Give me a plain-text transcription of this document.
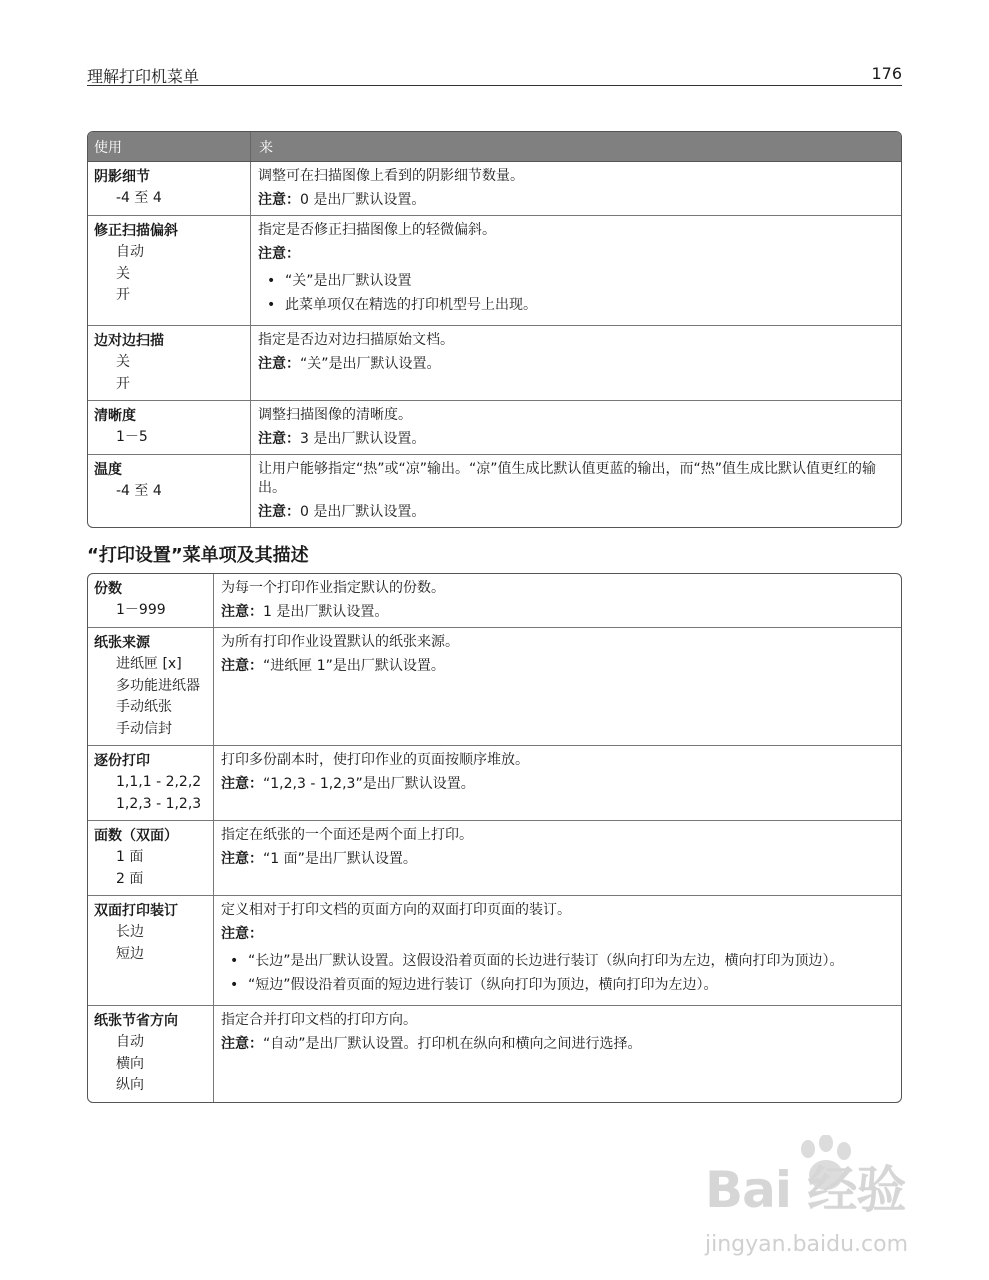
理解打印机菜单	176
使用	来
阴影细节
-4 至 4
调整可在扫描图像上看到的阴影细节数量。
注意：0 是出厂默认设置。
修正扫描偏斜
自动
关
开
指定是否修正扫描图像上的轻微偏斜。
注意：
• “关”是出厂默认设置
• 此菜单项仅在精选的打印机型号上出现。
边对边扫描
关
开
指定是否边对边扫描原始文档。
注意：“关”是出厂默认设置。
清晰度
1－5
调整扫描图像的清晰度。
注意：3 是出厂默认设置。
温度
-4 至 4
让用户能够指定“热”或“凉”输出。“凉”值生成比默认值更蓝的输出，而“热”值生成比默认值更红的输出。
注意：0 是出厂默认设置。
“打印设置”菜单项及其描述
份数
1－999
为每一个打印作业指定默认的份数。
注意：1 是出厂默认设置。
纸张来源
进纸匣 [x]
多功能进纸器
手动纸张
手动信封
为所有打印作业设置默认的纸张来源。
注意：“进纸匣 1”是出厂默认设置。
逐份打印
1,1,1 - 2,2,2
1,2,3 - 1,2,3
打印多份副本时，使打印作业的页面按顺序堆放。
注意：“1,2,3 - 1,2,3”是出厂默认设置。
面数（双面）
1 面
2 面
指定在纸张的一个面还是两个面上打印。
注意：“1 面”是出厂默认设置。
双面打印装订
长边
短边
定义相对于打印文档的页面方向的双面打印页面的装订。
注意：
• “长边”是出厂默认设置。这假设沿着页面的长边进行装订（纵向打印为左边，横向打印为顶边）。
• “短边”假设沿着页面的短边进行装订（纵向打印为顶边，横向打印为左边）。
纸张节省方向
自动
横向
纵向
指定合并打印文档的打印方向。
注意：“自动”是出厂默认设置。打印机在纵向和横向之间进行选择。
Bai 经验
jingyan.baidu.com
